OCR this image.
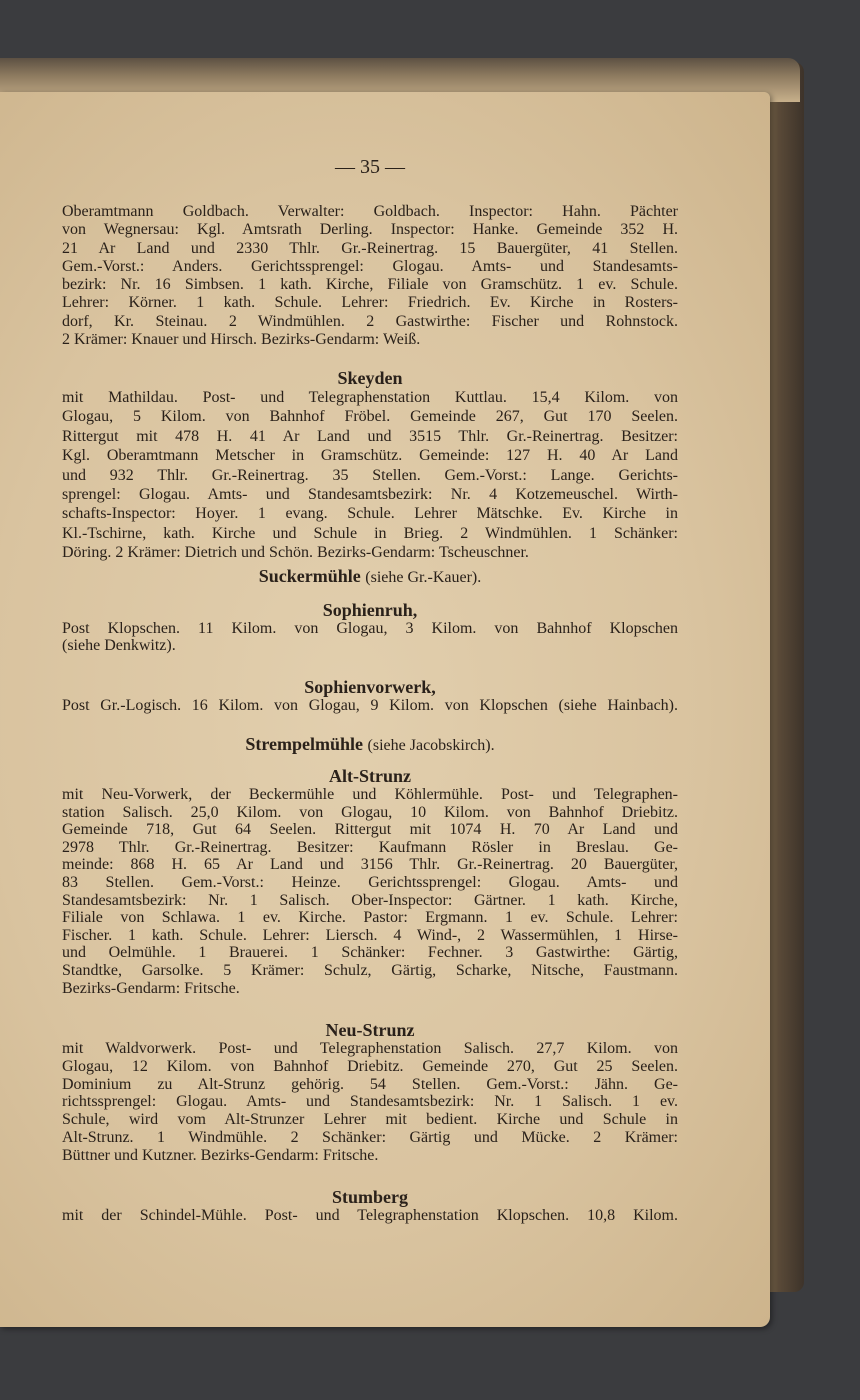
— 35 —
Oberamtmann Goldbach. Verwalter: Goldbach. Inspector: Hahn. Pächter
von Wegnersau: Kgl. Amtsrath Derling. Inspector: Hanke. Gemeinde 352 H.
21 Ar Land und 2330 Thlr. Gr.-Reinertrag. 15 Bauergüter, 41 Stellen.
Gem.-Vorst.: Anders. Gerichtssprengel: Glogau. Amts- und Standesamts-
bezirk: Nr. 16 Simbsen. 1 kath. Kirche, Filiale von Gramschütz. 1 ev. Schule.
Lehrer: Körner. 1 kath. Schule. Lehrer: Friedrich. Ev. Kirche in Rosters-
dorf, Kr. Steinau. 2 Windmühlen. 2 Gastwirthe: Fischer und Rohnstock.
2 Krämer: Knauer und Hirsch. Bezirks-Gendarm: Weiß.
Skeyden
mit Mathildau. Post- und Telegraphenstation Kuttlau. 15,4 Kilom. von
Glogau, 5 Kilom. von Bahnhof Fröbel. Gemeinde 267, Gut 170 Seelen.
Rittergut mit 478 H. 41 Ar Land und 3515 Thlr. Gr.-Reinertrag. Besitzer:
Kgl. Oberamtmann Metscher in Gramschütz. Gemeinde: 127 H. 40 Ar Land
und 932 Thlr. Gr.-Reinertrag. 35 Stellen. Gem.-Vorst.: Lange. Gerichts-
sprengel: Glogau. Amts- und Standesamtsbezirk: Nr. 4 Kotzemeuschel. Wirth-
schafts-Inspector: Hoyer. 1 evang. Schule. Lehrer Mätschke. Ev. Kirche in
Kl.-Tschirne, kath. Kirche und Schule in Brieg. 2 Windmühlen. 1 Schänker:
Döring. 2 Krämer: Dietrich und Schön. Bezirks-Gendarm: Tscheuschner.
Suckermühle (siehe Gr.-Kauer).
Sophienruh,
Post Klopschen. 11 Kilom. von Glogau, 3 Kilom. von Bahnhof Klopschen
(siehe Denkwitz).
Sophienvorwerk,
Post Gr.-Logisch. 16 Kilom. von Glogau, 9 Kilom. von Klopschen (siehe Hainbach).
Strempelmühle (siehe Jacobskirch).
Alt-Strunz
mit Neu-Vorwerk, der Beckermühle und Köhlermühle. Post- und Telegraphen-
station Salisch. 25,0 Kilom. von Glogau, 10 Kilom. von Bahnhof Driebitz.
Gemeinde 718, Gut 64 Seelen. Rittergut mit 1074 H. 70 Ar Land und
2978 Thlr. Gr.-Reinertrag. Besitzer: Kaufmann Rösler in Breslau. Ge-
meinde: 868 H. 65 Ar Land und 3156 Thlr. Gr.-Reinertrag. 20 Bauergüter,
83 Stellen. Gem.-Vorst.: Heinze. Gerichtssprengel: Glogau. Amts- und
Standesamtsbezirk: Nr. 1 Salisch. Ober-Inspector: Gärtner. 1 kath. Kirche,
Filiale von Schlawa. 1 ev. Kirche. Pastor: Ergmann. 1 ev. Schule. Lehrer:
Fischer. 1 kath. Schule. Lehrer: Liersch. 4 Wind-, 2 Wassermühlen, 1 Hirse-
und Oelmühle. 1 Brauerei. 1 Schänker: Fechner. 3 Gastwirthe: Gärtig,
Standtke, Garsolke. 5 Krämer: Schulz, Gärtig, Scharke, Nitsche, Faustmann.
Bezirks-Gendarm: Fritsche.
Neu-Strunz
mit Waldvorwerk. Post- und Telegraphenstation Salisch. 27,7 Kilom. von
Glogau, 12 Kilom. von Bahnhof Driebitz. Gemeinde 270, Gut 25 Seelen.
Dominium zu Alt-Strunz gehörig. 54 Stellen. Gem.-Vorst.: Jähn. Ge-
richtssprengel: Glogau. Amts- und Standesamtsbezirk: Nr. 1 Salisch. 1 ev.
Schule, wird vom Alt-Strunzer Lehrer mit bedient. Kirche und Schule in
Alt-Strunz. 1 Windmühle. 2 Schänker: Gärtig und Mücke. 2 Krämer:
Büttner und Kutzner. Bezirks-Gendarm: Fritsche.
Stumberg
mit der Schindel-Mühle. Post- und Telegraphenstation Klopschen. 10,8 Kilom.
